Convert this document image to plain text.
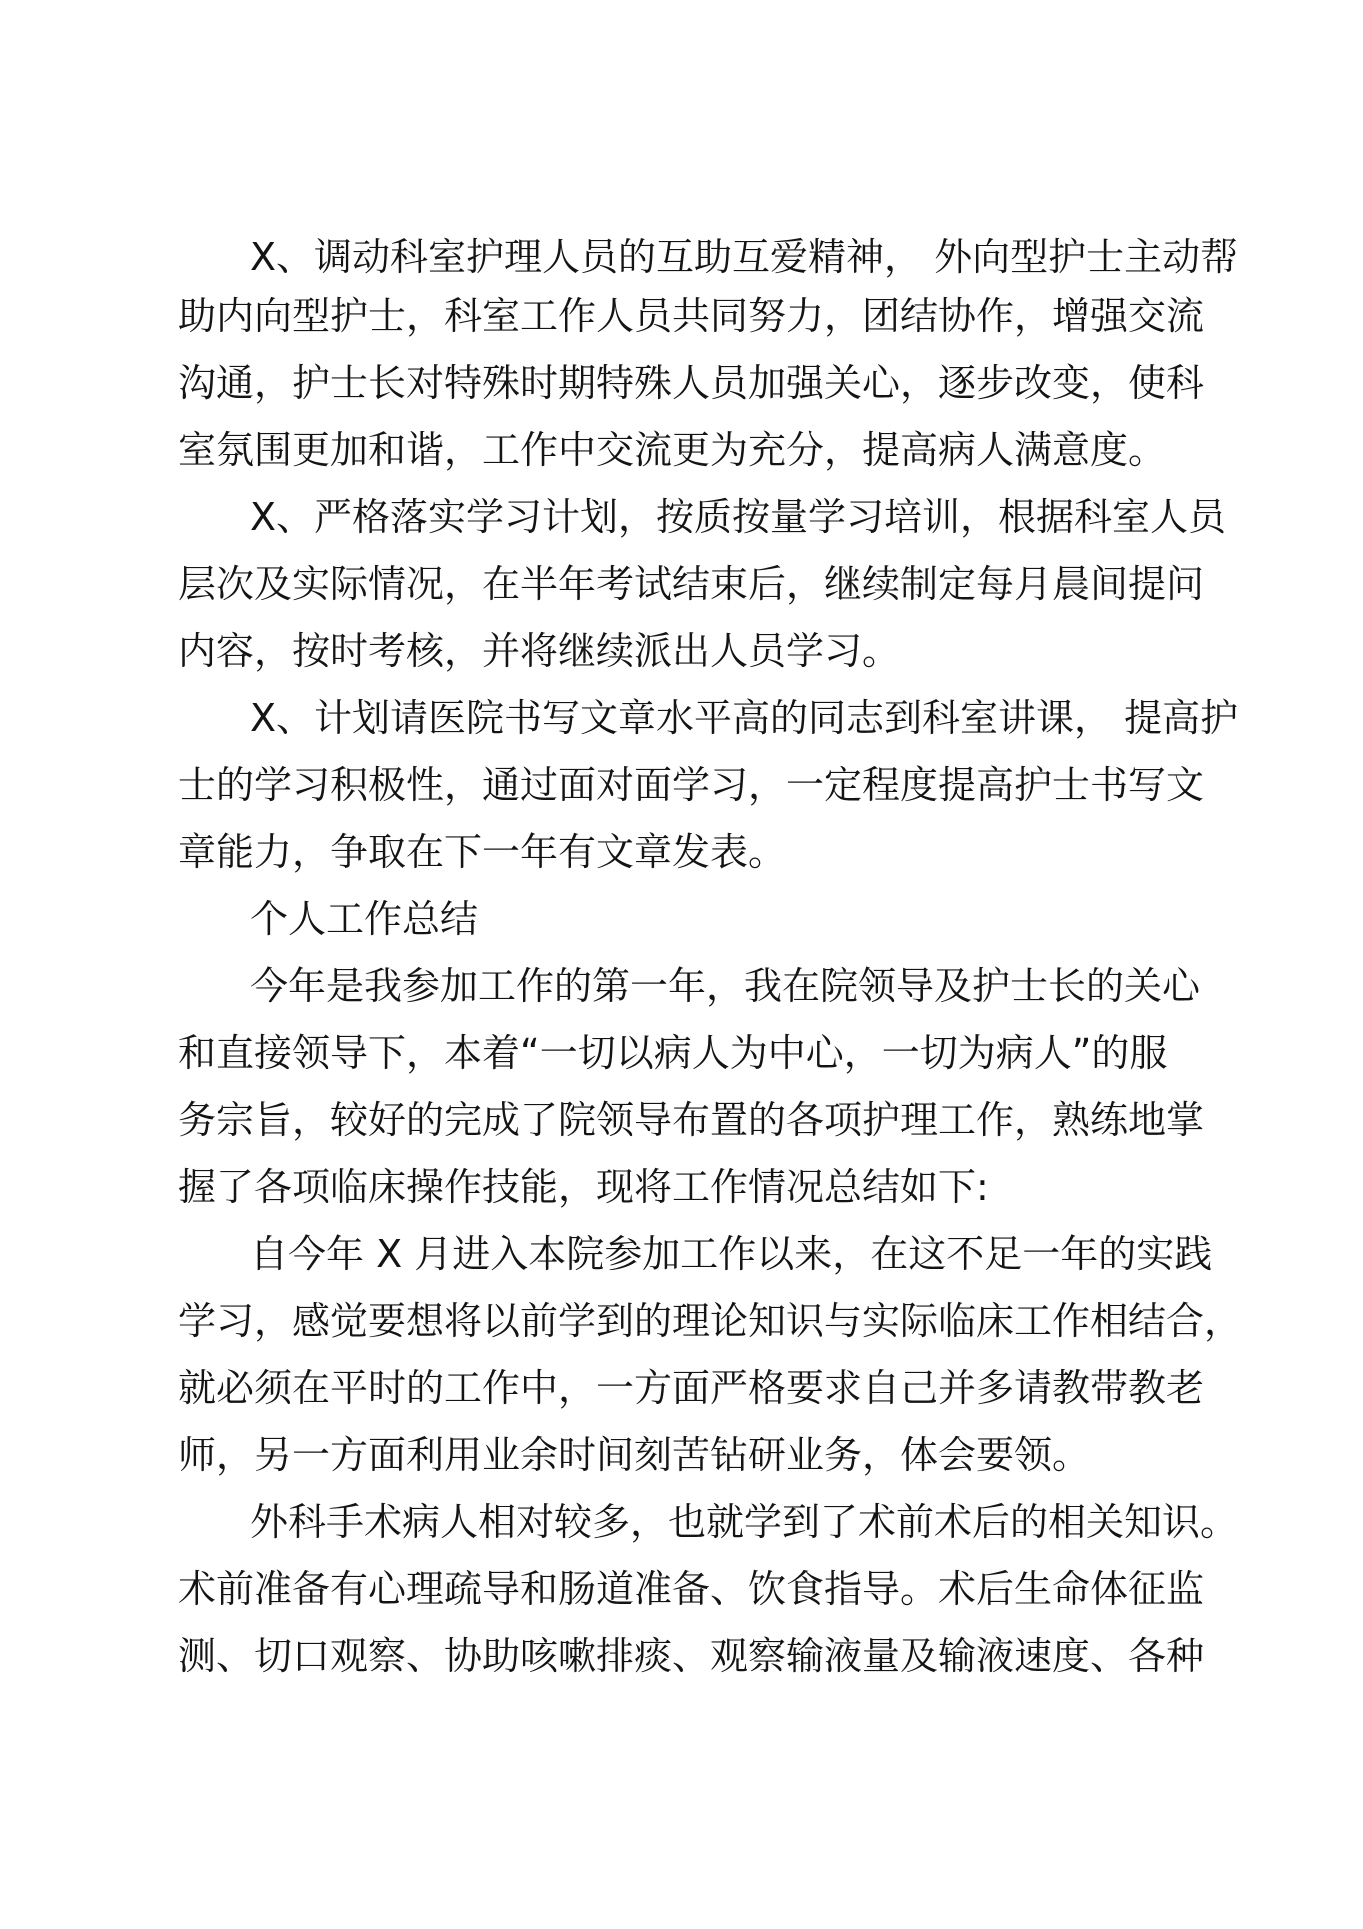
X、调动科室护理人员的互助互爱精神， 外向型护士主动帮
助内向型护士，科室工作人员共同努力，团结协作，增强交流
沟通，护士长对特殊时期特殊人员加强关心，逐步改变，使科
室氛围更加和谐，工作中交流更为充分，提高病人满意度。
X、严格落实学习计划，按质按量学习培训，根据科室人员
层次及实际情况，在半年考试结束后，继续制定每月晨间提问
内容，按时考核，并将继续派出人员学习。
X、计划请医院书写文章水平高的同志到科室讲课， 提高护
士的学习积极性，通过面对面学习，一定程度提高护士书写文
章能力，争取在下一年有文章发表。
个人工作总结
今年是我参加工作的第一年，我在院领导及护士长的关心
和直接领导下，本着“一切以病人为中心，一切为病人”的服
务宗旨，较好的完成了院领导布置的各项护理工作，熟练地掌
握了各项临床操作技能，现将工作情况总结如下:
自今年 X 月进入本院参加工作以来，在这不足一年的实践
学习，感觉要想将以前学到的理论知识与实际临床工作相结合，
就必须在平时的工作中，一方面严格要求自己并多请教带教老
师，另一方面利用业余时间刻苦钻研业务，体会要领。
外科手术病人相对较多，也就学到了术前术后的相关知识。
术前准备有心理疏导和肠道准备、饮食指导。术后生命体征监
测、切口观察、协助咳嗽排痰、观察输液量及输液速度、各种
